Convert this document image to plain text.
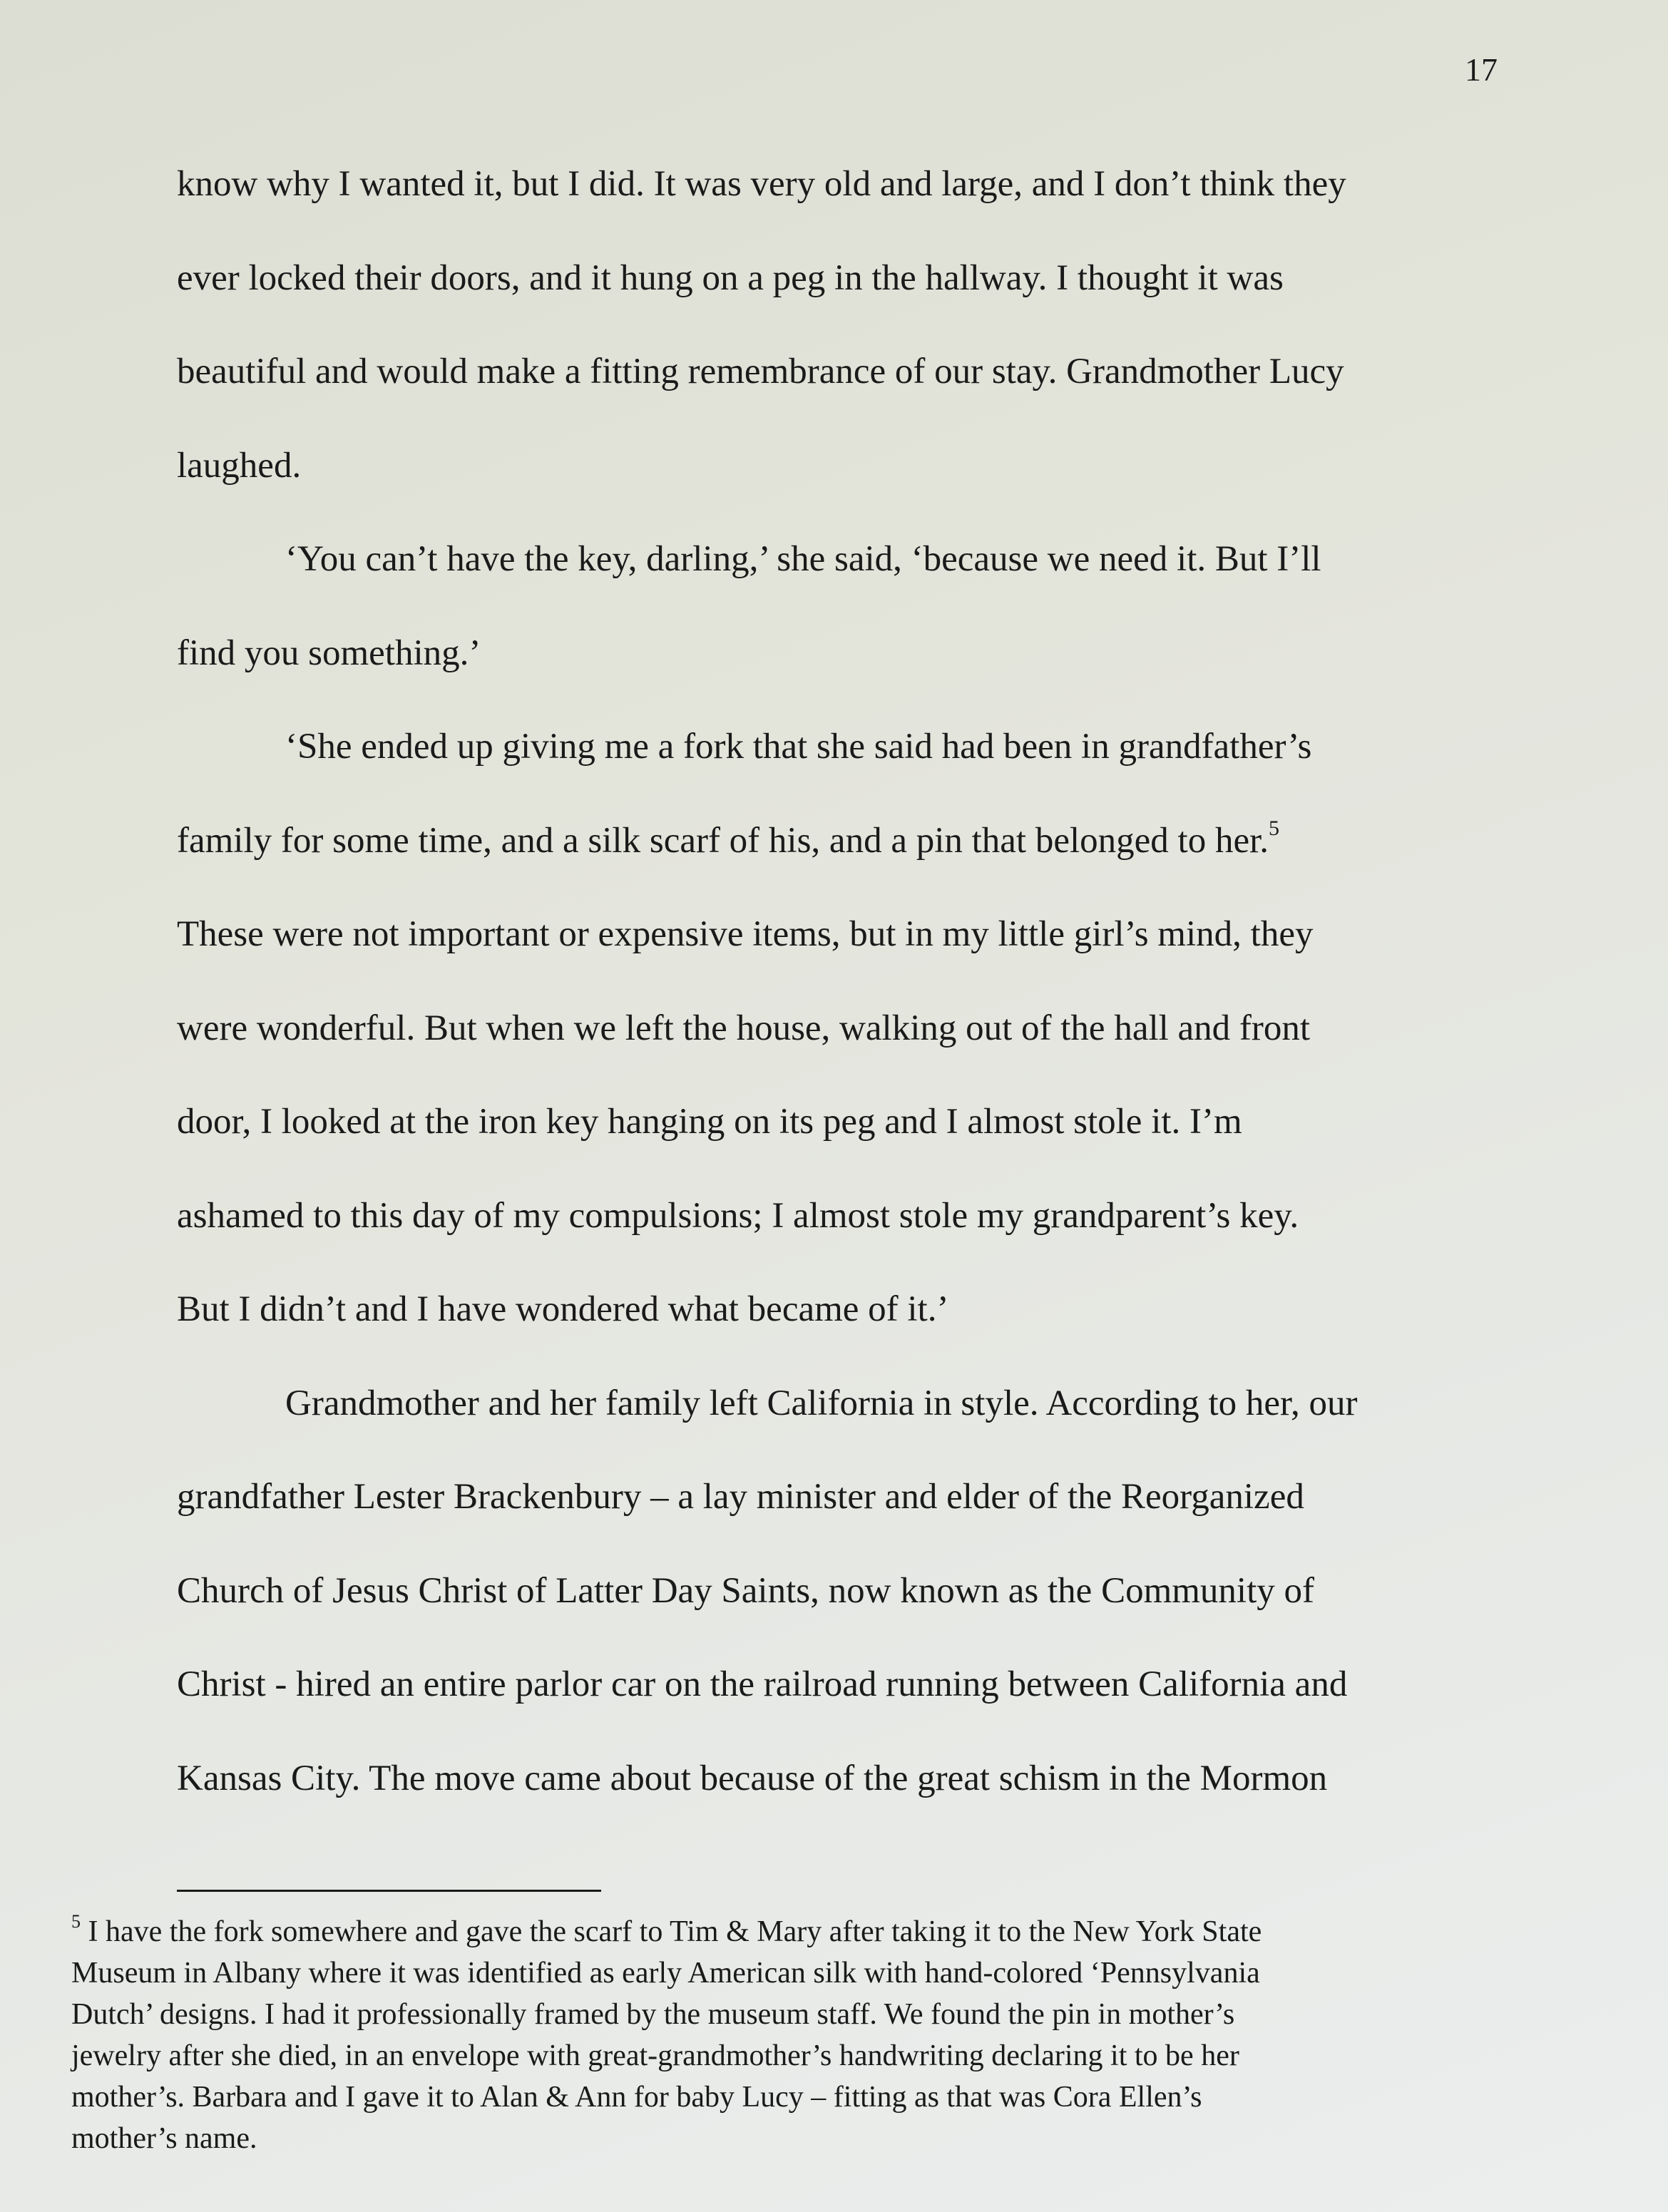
17
know why I wanted it, but I did. It was very old and large, and I don’t think they
ever locked their doors, and it hung on a peg in the hallway. I thought it was
beautiful and would make a fitting remembrance of our stay. Grandmother Lucy
laughed.
‘You can’t have the key, darling,’ she said, ‘because we need it. But I’ll
find you something.’
‘She ended up giving me a fork that she said had been in grandfather’s
family for some time, and a silk scarf of his, and a pin that belonged to her.$^5$
These were not important or expensive items, but in my little girl’s mind, they
were wonderful. But when we left the house, walking out of the hall and front
door, I looked at the iron key hanging on its peg and I almost stole it. I’m
ashamed to this day of my compulsions; I almost stole my grandparent’s key.
But I didn’t and I have wondered what became of it.’
Grandmother and her family left California in style. According to her, our
grandfather Lester Brackenbury – a lay minister and elder of the Reorganized
Church of Jesus Christ of Latter Day Saints, now known as the Community of
Christ - hired an entire parlor car on the railroad running between California and
Kansas City. The move came about because of the great schism in the Mormon
$^5$ I have the fork somewhere and gave the scarf to Tim & Mary after taking it to the New York State
Museum in Albany where it was identified as early American silk with hand-colored ‘Pennsylvania
Dutch’ designs. I had it professionally framed by the museum staff. We found the pin in mother’s
jewelry after she died, in an envelope with great-grandmother’s handwriting declaring it to be her
mother’s. Barbara and I gave it to Alan & Ann for baby Lucy – fitting as that was Cora Ellen’s
mother’s name.
